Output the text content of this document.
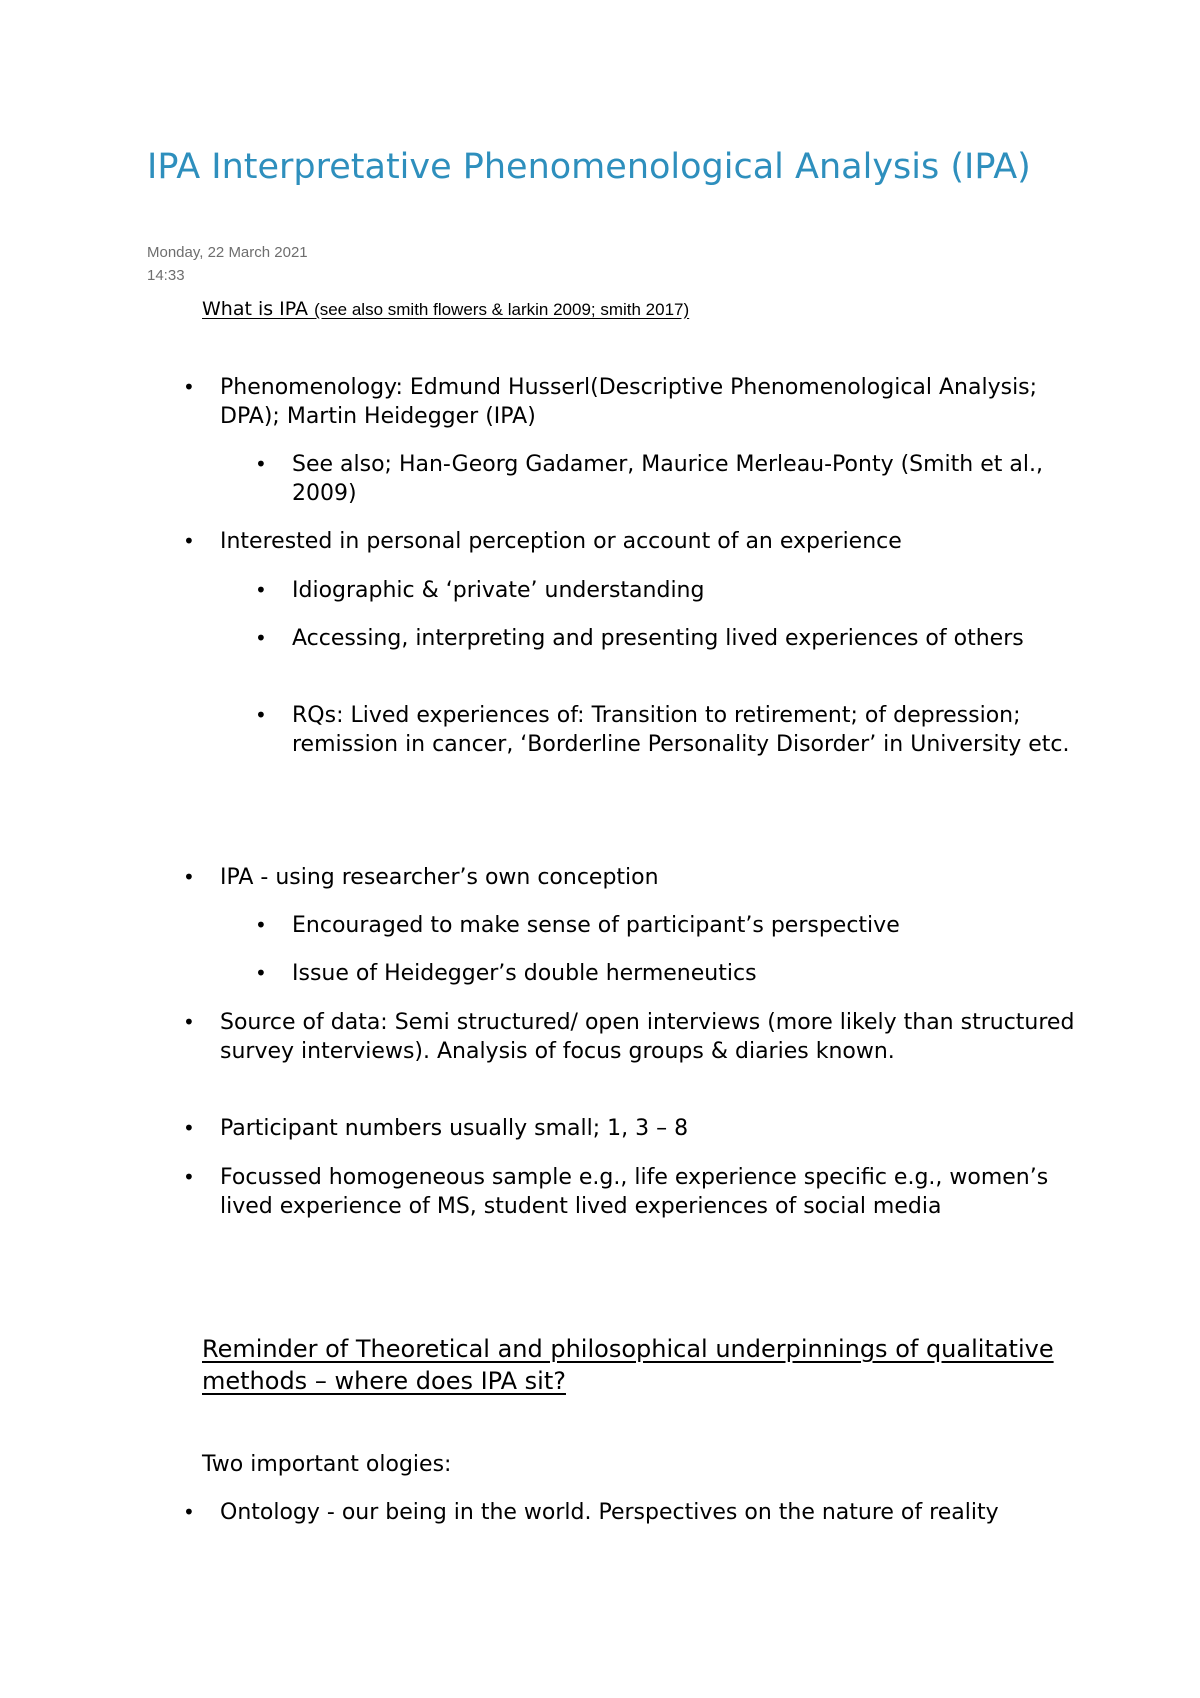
IPA Interpretative Phenomenological Analysis (IPA)
Monday, 22 March 2021
14:33
What is IPA (see also smith flowers & larkin 2009; smith 2017)
• Phenomenology: Edmund Husserl(Descriptive Phenomenological Analysis; DPA); Martin Heidegger (IPA)
• See also; Han-Georg Gadamer, Maurice Merleau-Ponty (Smith et al., 2009)
• Interested in personal perception or account of an experience
• Idiographic & ‘private’ understanding
• Accessing, interpreting and presenting lived experiences of others
• RQs: Lived experiences of: Transition to retirement; of depression; remission in cancer, ‘Borderline Personality Disorder’ in University etc.
• IPA - using researcher’s own conception
• Encouraged to make sense of participant’s perspective
• Issue of Heidegger’s double hermeneutics
• Source of data: Semi structured/ open interviews (more likely than structured survey interviews). Analysis of focus groups & diaries known.
• Participant numbers usually small; 1, 3 – 8
• Focussed homogeneous sample e.g., life experience specific e.g., women’s lived experience of MS, student lived experiences of social media
Reminder of Theoretical and philosophical underpinnings of qualitative methods – where does IPA sit?
Two important ologies:
• Ontology - our being in the world. Perspectives on the nature of reality
